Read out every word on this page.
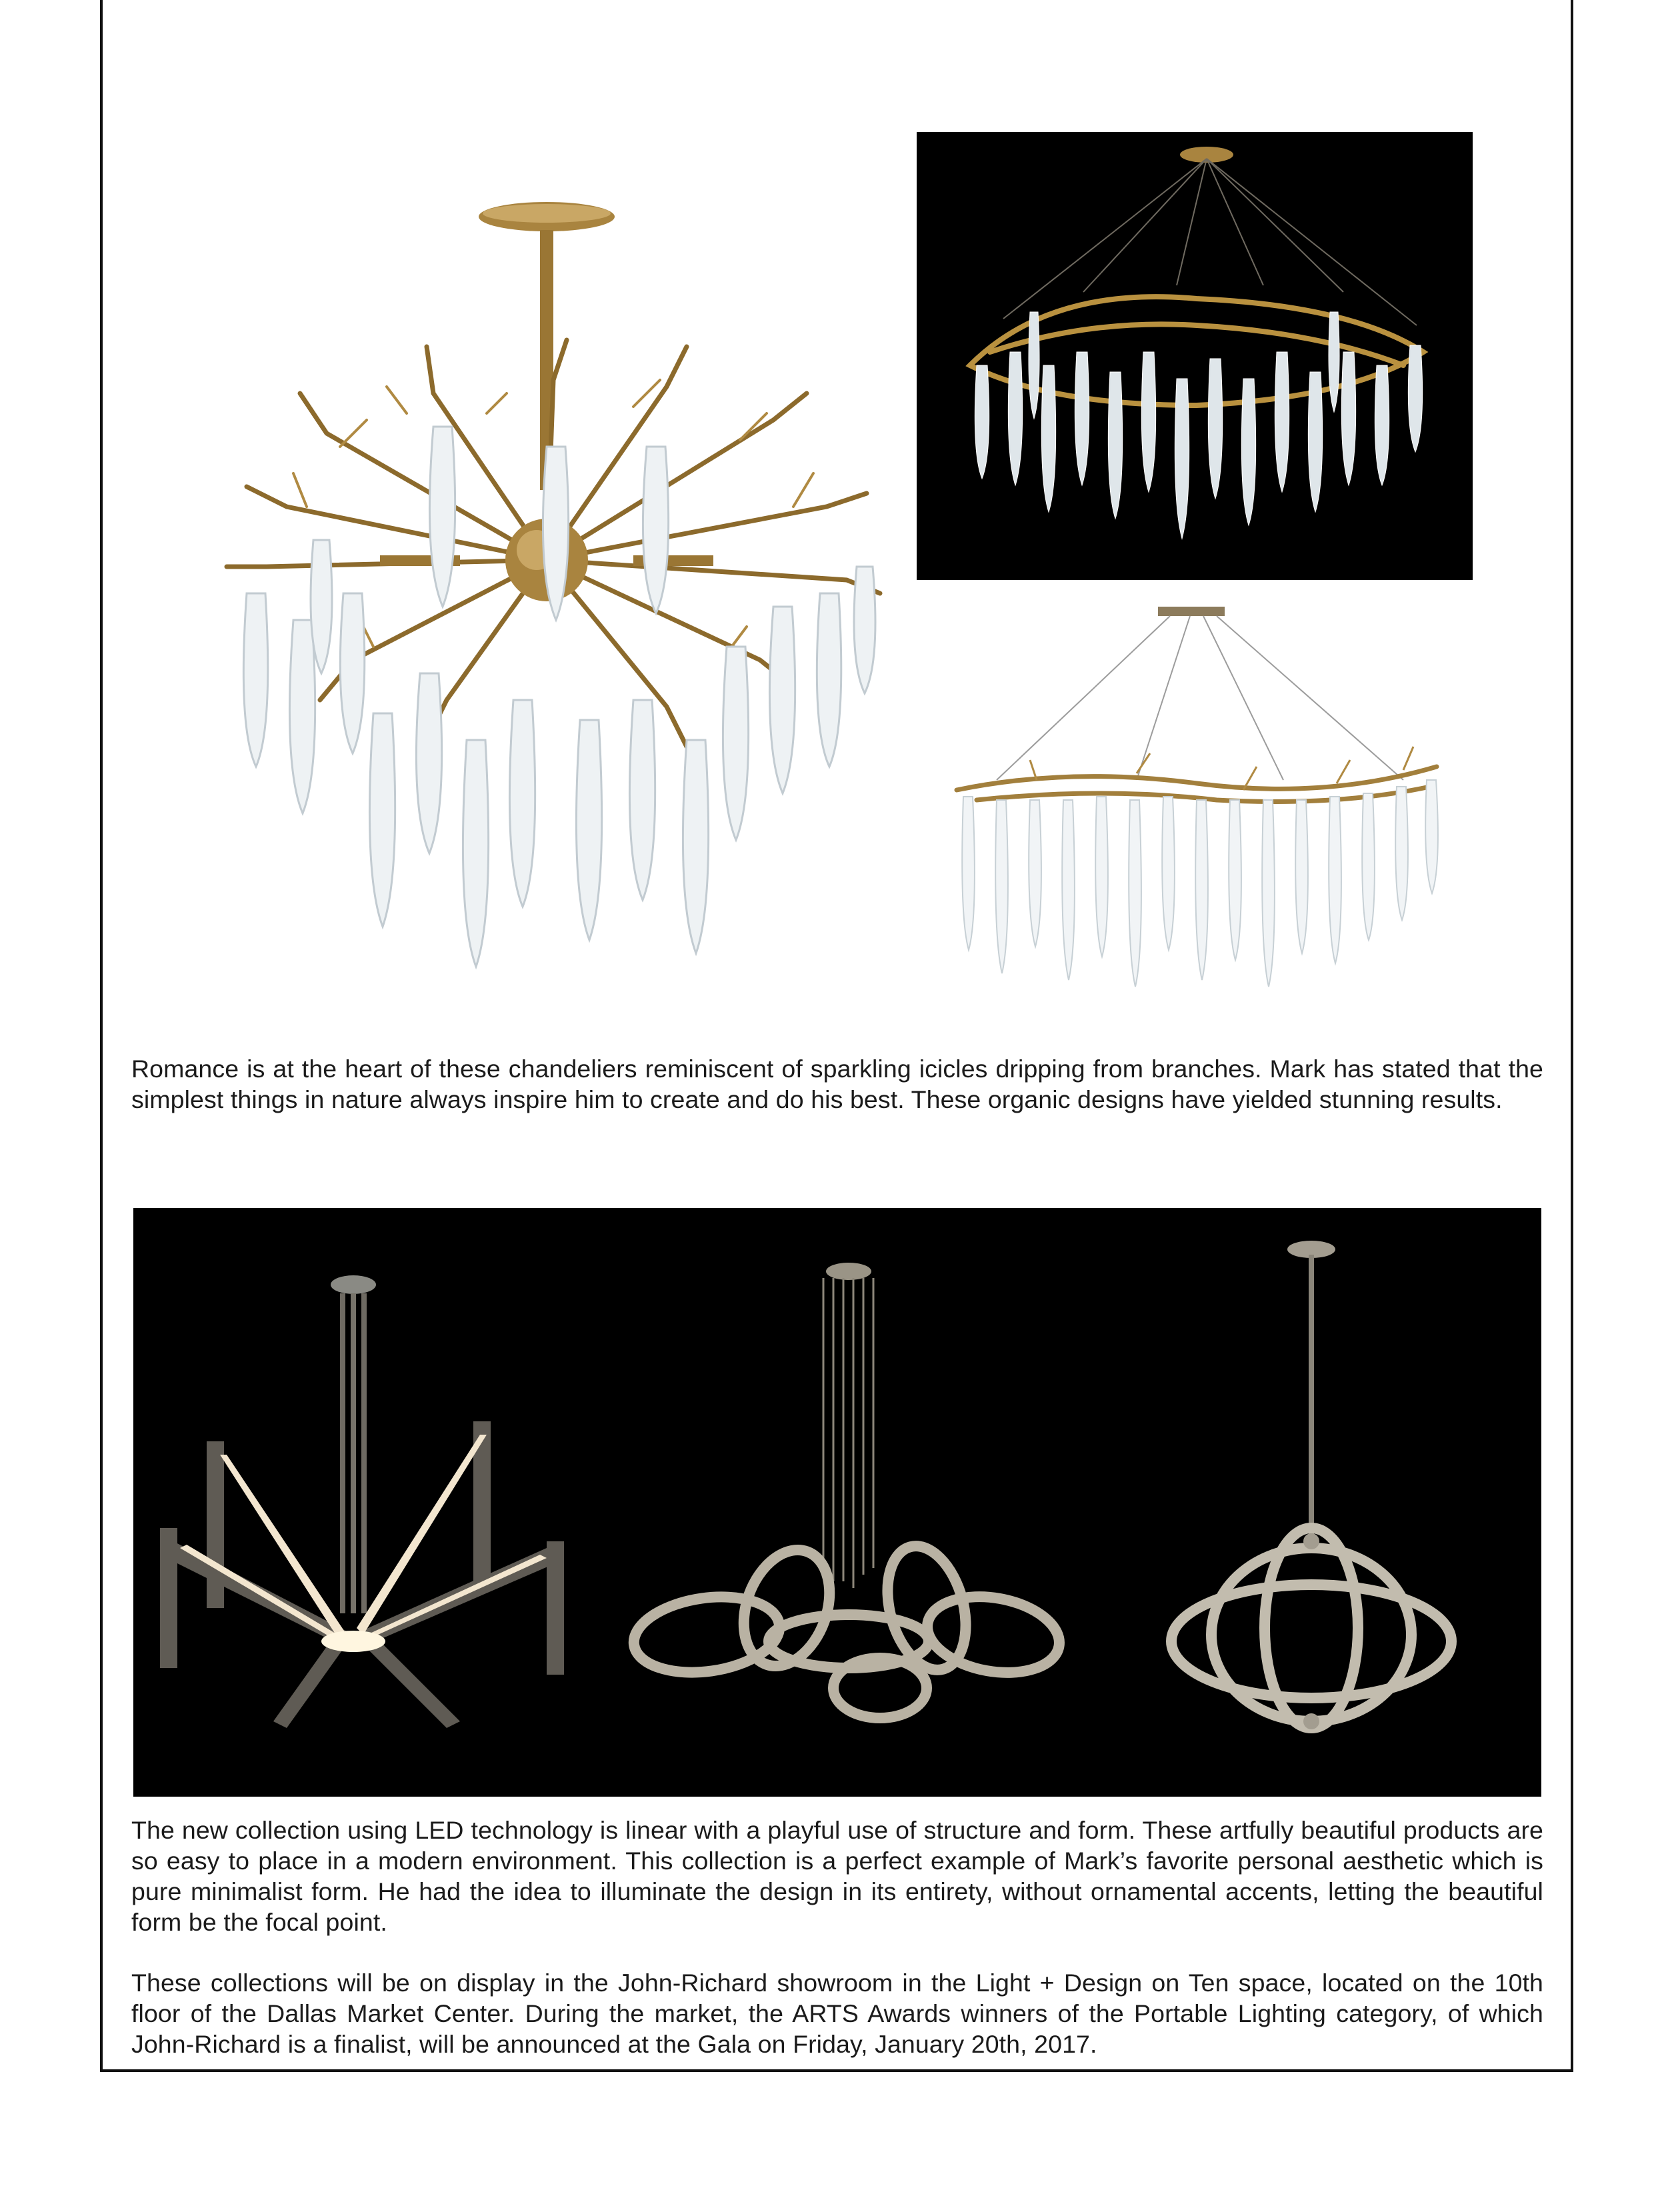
Romance is at the heart of these chandeliers reminiscent of sparkling icicles dripping from branches. Mark has stated that the simplest things in nature always inspire him to create and do his best. These organic designs have yielded stunning results.

The new collection using LED technology is linear with a playful use of structure and form. These artfully beautiful products are so easy to place in a modern environment. This collection is a perfect example of Mark’s favorite personal aesthetic which is pure minimalist form. He had the idea to illuminate the design in its entirety, without ornamental accents, letting the beautiful form be the focal point.

These collections will be on display in the John-Richard showroom in the Light + Design on Ten space, located on the 10th floor of the Dallas Market Center. During the market, the ARTS Awards winners of the Portable Lighting category, of which John-Richard is a finalist, will be announced at the Gala on Friday, January 20th, 2017.
